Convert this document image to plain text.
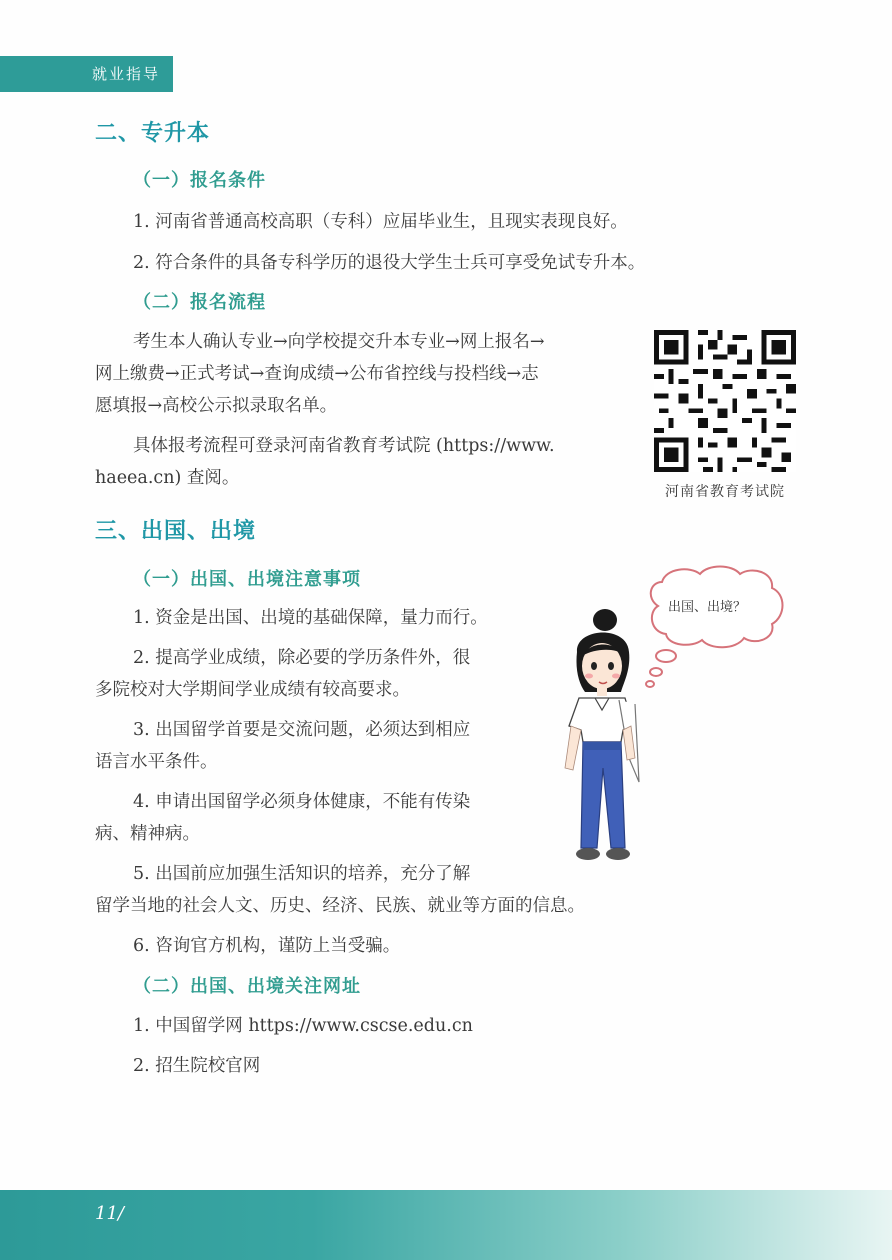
就业指导
二、专升本
（一）报名条件
1. 河南省普通高校高职（专科）应届毕业生，且现实表现良好。
2. 符合条件的具备专科学历的退役大学生士兵可享受免试专升本。
（二）报名流程
考生本人确认专业→向学校提交升本专业→网上报名→
网上缴费→正式考试→查询成绩→公布省控线与投档线→志
愿填报→高校公示拟录取名单。
具体报考流程可登录河南省教育考试院 (https://www.
haeea.cn) 查阅。
河南省教育考试院
三、出国、出境
（一）出国、出境注意事项
1. 资金是出国、出境的基础保障，量力而行。
2. 提高学业成绩，除必要的学历条件外，很
多院校对大学期间学业成绩有较高要求。
3. 出国留学首要是交流问题，必须达到相应
语言水平条件。
4. 申请出国留学必须身体健康，不能有传染
病、精神病。
5. 出国前应加强生活知识的培养，充分了解
留学当地的社会人文、历史、经济、民族、就业等方面的信息。
6. 咨询官方机构，谨防上当受骗。
（二）出国、出境关注网址
1. 中国留学网 https://www.cscse.edu.cn
2. 招生院校官网
出国、出境？
11/
